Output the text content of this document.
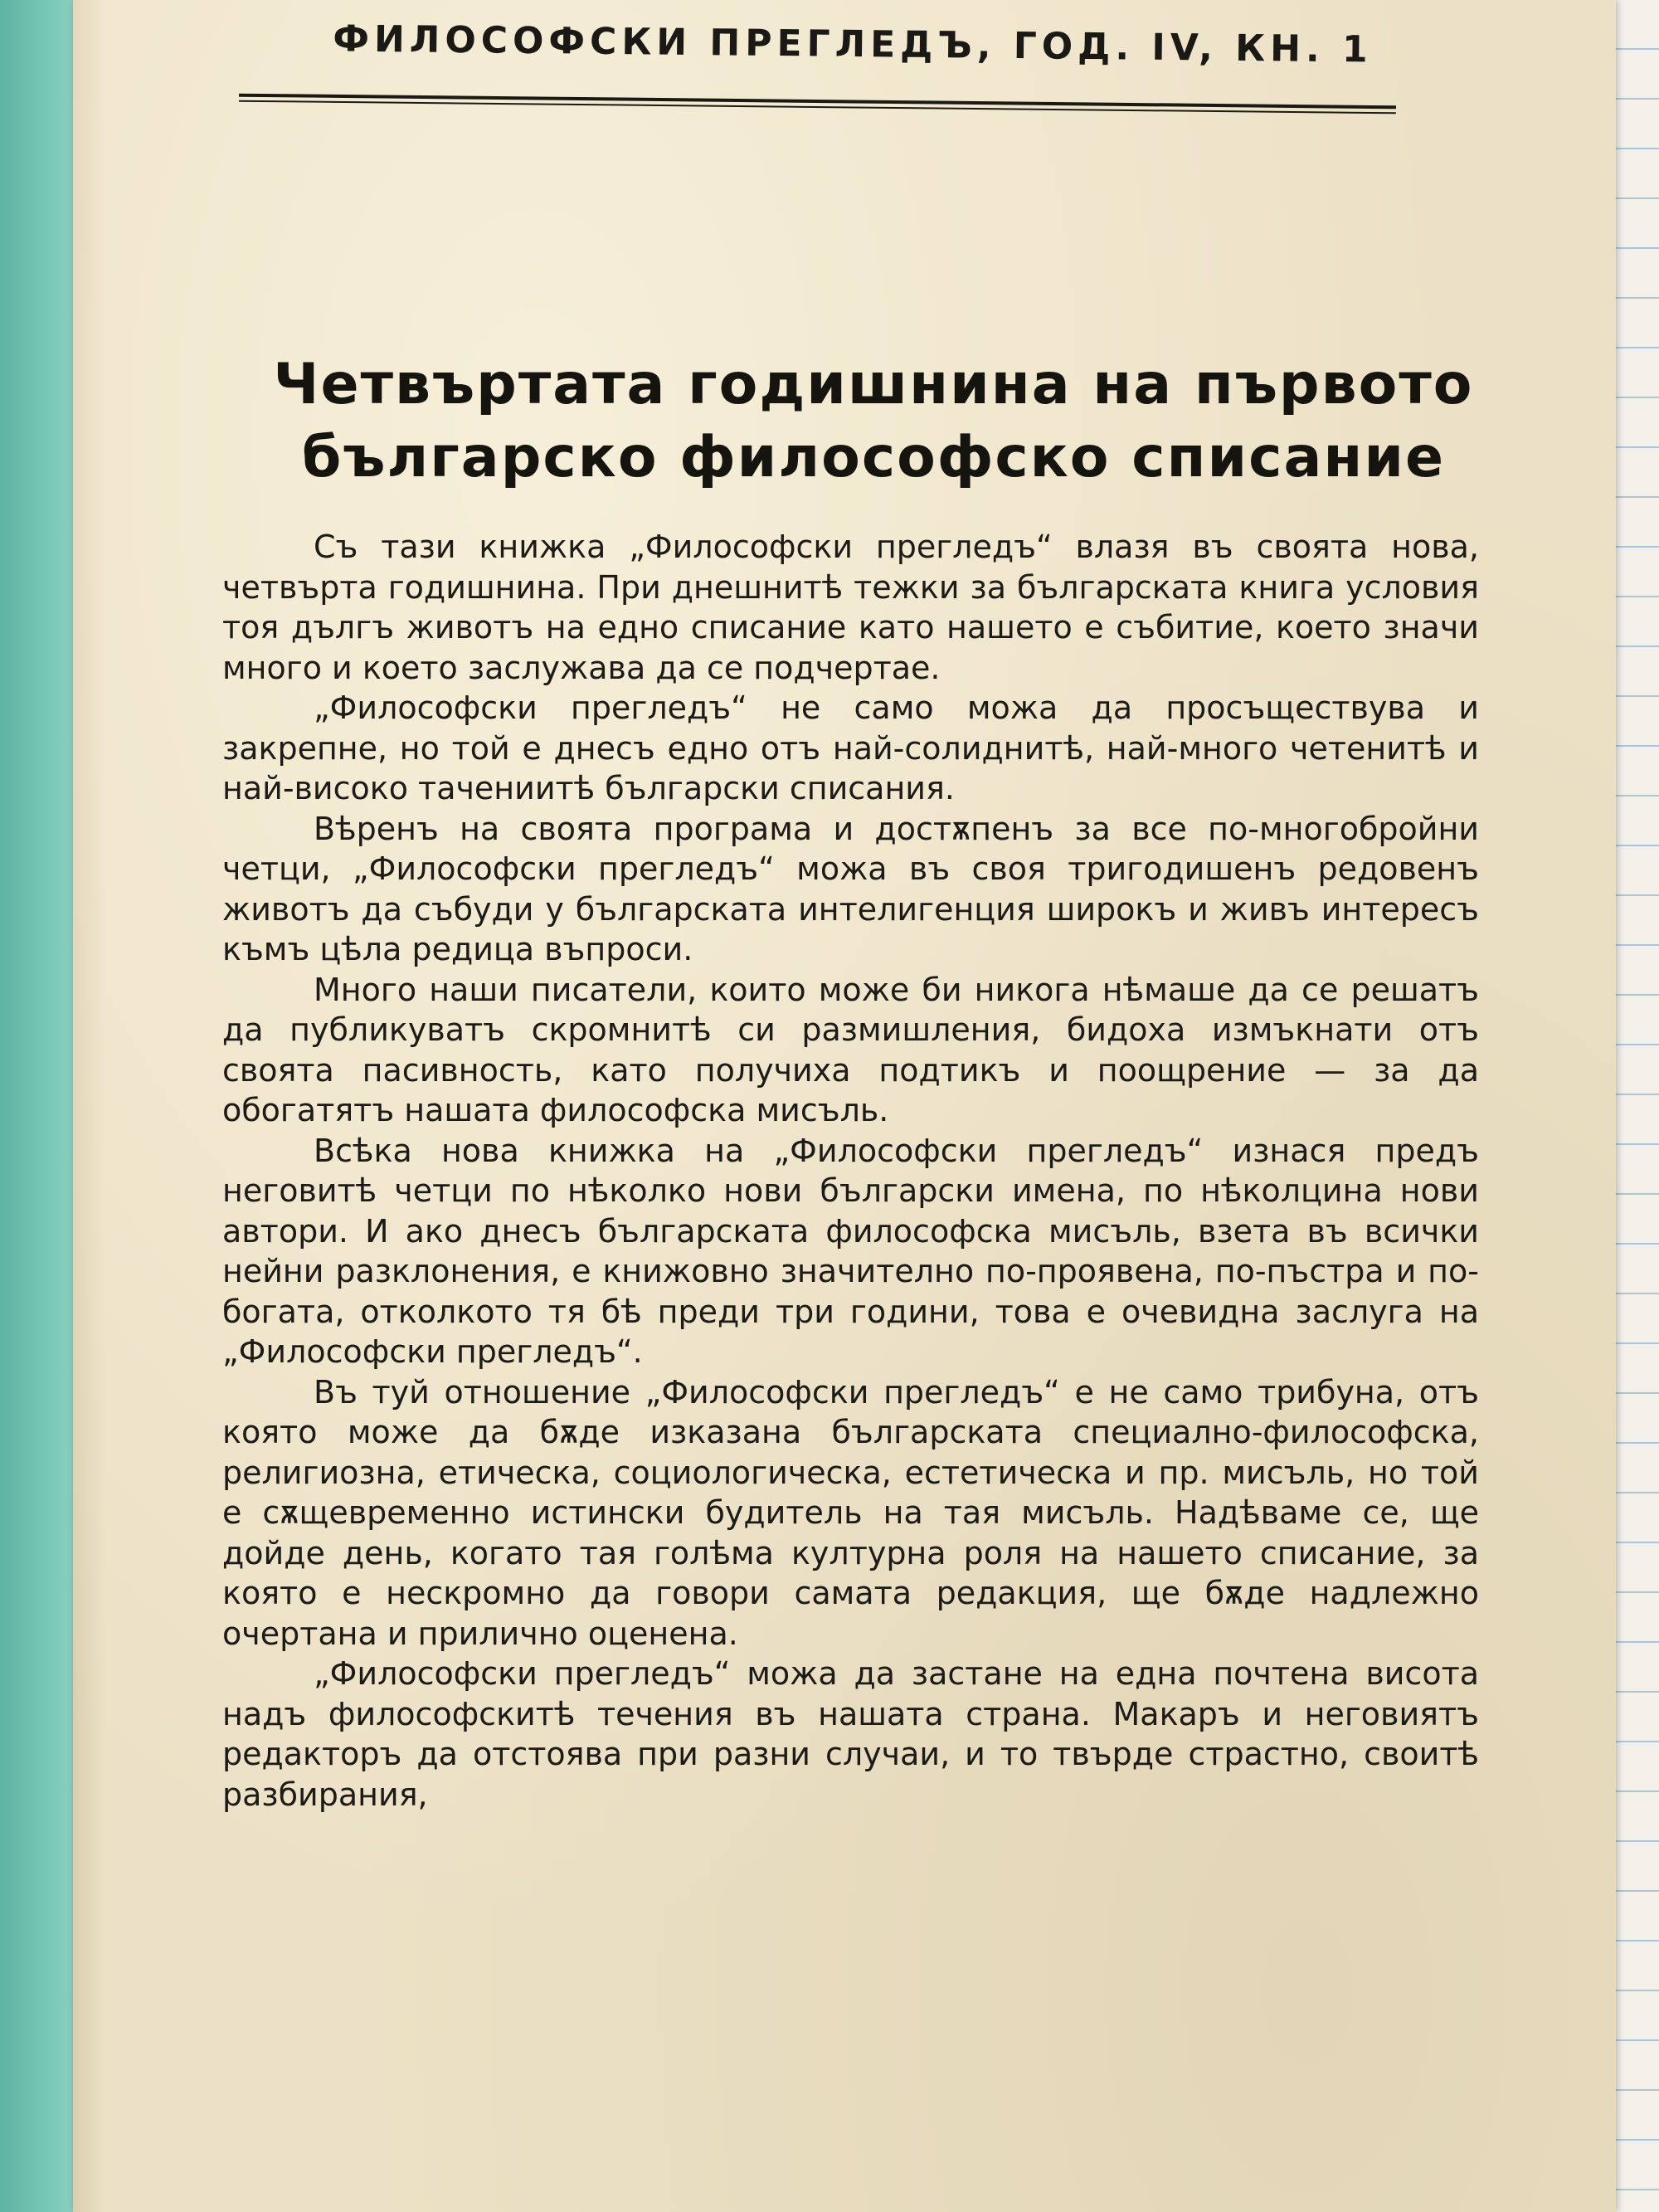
ФИЛОСОФСКИ ПРЕГЛЕДЪ, ГОД. IV, КН. 1
Четвъртата годишнина на първото
българско философско списание

Съ тази книжка „Философски прегледъ“ влазя въ своята нова, четвърта годишнина. При днешнитѣ тежки за българската книга условия тоя дългъ животъ на едно списание като нашето е събитие, което значи много и което заслужава да се подчертае.

„Философски прегледъ“ не само можа да просъществува и закрепне, но той е днесъ едно отъ най-солиднитѣ, най-много четенитѣ и най-високо тачениитѣ български списания.

Вѣренъ на своята програма и достѫпенъ за все по-многобройни четци, „Философски прегледъ“ можа въ своя тригодишенъ редовенъ животъ да събуди у българската интелигенция широкъ и живъ интересъ къмъ цѣла редица въпроси.

Много наши писатели, които може би никога нѣмаше да се решатъ да публикуватъ скромнитѣ си размишления, бидоха измъкнати отъ своята пасивность, като получиха подтикъ и поощрение — за да обогатятъ нашата философска мисъль.

Всѣка нова книжка на „Философски прегледъ“ изнася предъ неговитѣ четци по нѣколко нови български имена, по нѣколцина нови автори. И ако днесъ българската философска мисъль, взета въ всички нейни разклонения, е книжовно значително по-проявена, по-пъстра и по-богата, отколкото тя бѣ преди три години, това е очевидна заслуга на „Философски прегледъ“.

Въ туй отношение „Философски прегледъ“ е не само трибуна, отъ която може да бѫде изказана българската специално-философска, религиозна, етическа, социологическа, естетическа и пр. мисъль, но той е сѫщевременно истински будитель на тая мисъль. Надѣваме се, ще дойде день, когато тая голѣма културна роля на нашето списание, за която е нескромно да говори самата редакция, ще бѫде надлежно очертана и прилично оценена.

„Философски прегледъ“ можа да застане на една почтена висота надъ философскитѣ течения въ нашата страна. Макаръ и неговиятъ редакторъ да отстоява при разни случаи, и то твърде страстно, своитѣ разбирания,
